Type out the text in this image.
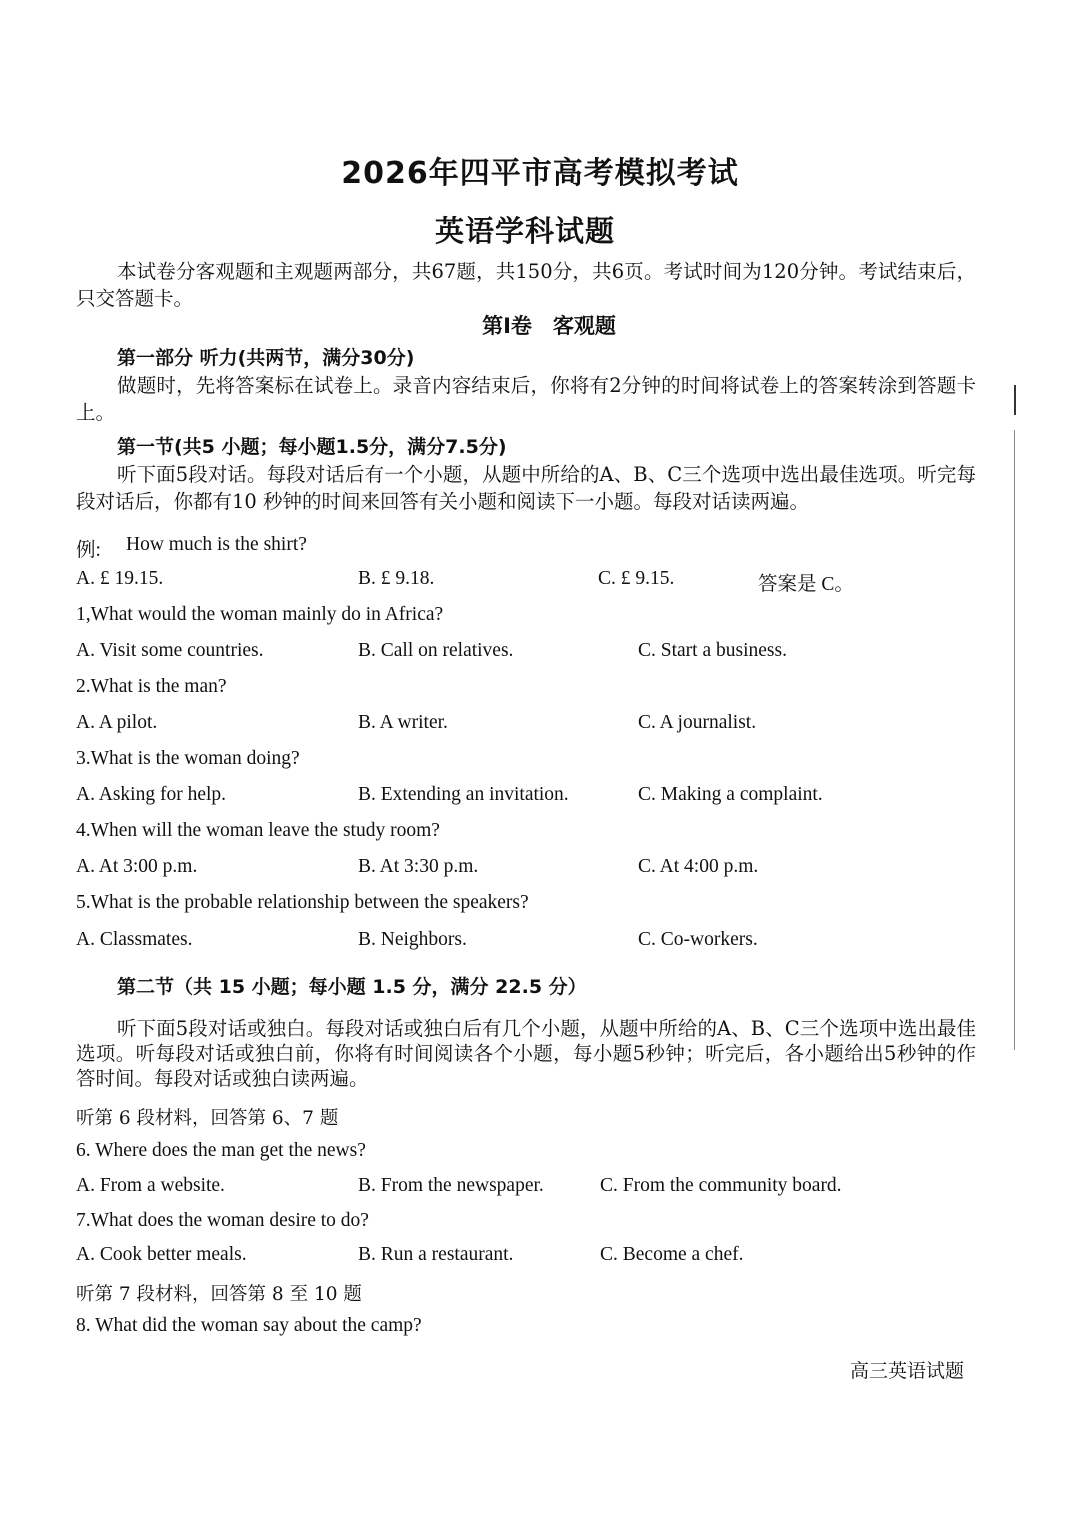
2026年四平市高考模拟考试
英语学科试题
本试卷分客观题和主观题两部分，共67题，共150分，共6页。考试时间为120分钟。考试结束后，只交答题卡。
第Ⅰ卷　客观题
第一部分 听力(共两节，满分30分)
做题时，先将答案标在试卷上。录音内容结束后，你将有2分钟的时间将试卷上的答案转涂到答题卡上。
第一节(共5 小题；每小题1.5分，满分7.5分)
听下面5段对话。每段对话后有一个小题，从题中所给的A、B、C三个选项中选出最佳选项。听完每段对话后，你都有10 秒钟的时间来回答有关小题和阅读下一小题。每段对话读两遍。
例: How much is the shirt?
A. £ 19.15.	B. £ 9.18.	C. £ 9.15.	答案是 C。
1,What would the woman mainly do in Africa?
A. Visit some countries.	B. Call on relatives.	C. Start a business.
2.What is the man?
A. A pilot.	B. A writer.	C. A journalist.
3.What is the woman doing?
A. Asking for help.	B. Extending an invitation.	C. Making a complaint.
4.When will the woman leave the study room?
A. At 3:00 p.m.	B. At 3:30 p.m.	C. At 4:00 p.m.
5.What is the probable relationship between the speakers?
A. Classmates.	B. Neighbors.	C. Co-workers.
第二节（共 15 小题；每小题 1.5 分，满分 22.5 分）
听下面5段对话或独白。每段对话或独白后有几个小题，从题中所给的A、B、C三个选项中选出最佳选项。听每段对话或独白前，你将有时间阅读各个小题，每小题5秒钟；听完后，各小题给出5秒钟的作答时间。每段对话或独白读两遍。
听第 6 段材料，回答第 6、7 题
6. Where does the man get the news?
A. From a website.	B. From the newspaper.	C. From the community board.
7.What does the woman desire to do?
A. Cook better meals.	B. Run a restaurant.	C. Become a chef.
听第 7 段材料，回答第 8 至 10 题
8. What did the woman say about the camp?
高三英语试题
